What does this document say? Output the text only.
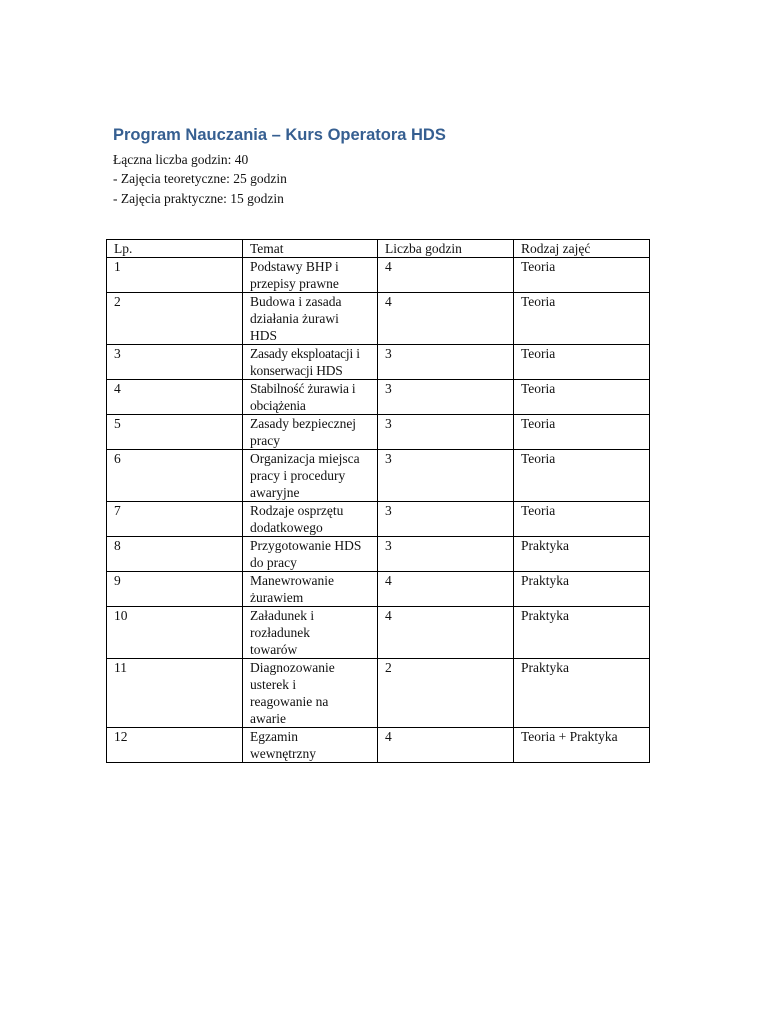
Program Nauczania – Kurs Operatora HDS
Łączna liczba godzin: 40
- Zajęcia teoretyczne: 25 godzin
- Zajęcia praktyczne: 15 godzin
Lp.	Temat	Liczba godzin	Rodzaj zajęć
1	Podstawy BHP i przepisy prawne	4	Teoria
2	Budowa i zasada działania żurawi HDS	4	Teoria
3	Zasady eksploatacji i konserwacji HDS	3	Teoria
4	Stabilność żurawia i obciążenia	3	Teoria
5	Zasady bezpiecznej pracy	3	Teoria
6	Organizacja miejsca pracy i procedury awaryjne	3	Teoria
7	Rodzaje osprzętu dodatkowego	3	Teoria
8	Przygotowanie HDS do pracy	3	Praktyka
9	Manewrowanie żurawiem	4	Praktyka
10	Załadunek i rozładunek towarów	4	Praktyka
11	Diagnozowanie usterek i reagowanie na awarie	2	Praktyka
12	Egzamin wewnętrzny	4	Teoria + Praktyka
